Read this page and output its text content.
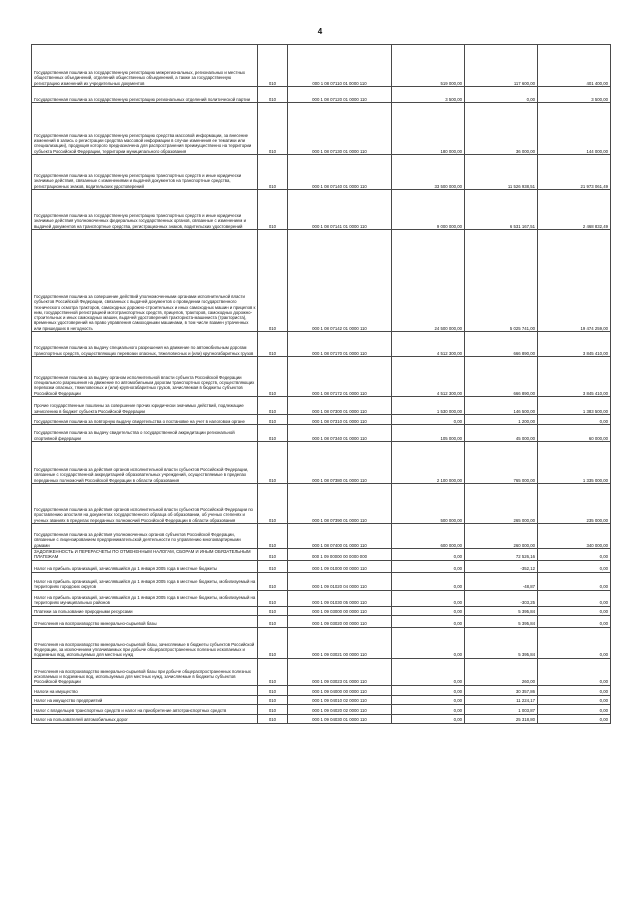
4
Государственная пошлина за государственную регистрацию межрегиональных, региональных и местных общественных объединений, отделений общественных объединений, а также за государственную регистрацию изменений их учредительных документов	010	000 1 08 07110 01 0000 110	519 000,00	117 600,00	401 400,00
Государственная пошлина за государственную регистрацию региональных отделений политической партии	010	000 1 08 07120 01 0000 110	3 500,00	0,00	3 500,00
Государственная пошлина за государственную регистрацию средства массовой информации, за внесение изменений в запись о регистрации средства массовой информации в случае изменения ее тематики или специализации), продукция которого предназначена для распространения преимущественно на территории субъекта Российской Федерации, территории муниципального образования	010	000 1 08 07130 01 0000 110	180 000,00	36 000,00	144 000,00
Государственная пошлина за государственную регистрацию транспортных средств и иные юридически значимые действия, связанные с изменениями и выдачей документов на транспортные средства, регистрационных знаков, водительских удостоверений	010	000 1 08 07140 01 0000 110	33 500 000,00	11 526 938,51	21 973 061,49
Государственная пошлина за государственную регистрацию транспортных средств и иные юридически значимые действия уполномоченных федеральных государственных органов, связанные с изменением и выдачей документов на транспортные средства, регистрационных знаков, водительских удостоверений	010	000 1 08 07141 01 0000 110	9 000 000,00	6 531 167,51	2 468 832,49
Государственная пошлина за совершение действий уполномоченными органами исполнительной власти субъектов Российской Федерации, связанных с выдачей документов о проведении государственного технического осмотра тракторов, самоходных дорожно-строительных и иных самоходных машин и прицепов к ним, государственной регистрацией мототранспортных средств, прицепов, тракторов, самоходных дорожно-строительных и иных самоходных машин, выдачей удостоверений тракториста-машиниста (тракториста), временных удостоверений на право управления самоходными машинами, в том числе взамен утраченных или пришедших в негодность	010	000 1 08 07142 01 0000 110	24 500 000,00	5 025 741,00	19 474 259,00
Государственная пошлина за выдачу специального разрешения на движение по автомобильным дорогам транспортных средств, осуществляющих перевозки опасных, тяжеловесных и (или) крупногабаритных грузов	010	000 1 08 07170 01 0000 110	4 512 300,00	666 890,00	3 845 410,00
Государственная пошлина за выдачу органом исполнительной власти субъекта Российской Федерации специального разрешения на движение по автомобильным дорогам транспортных средств, осуществляющих перевозки опасных, тяжеловесных и (или) крупногабаритных грузов, зачисляемая в бюджеты субъектов Российской Федерации	010	000 1 08 07172 01 0000 110	4 512 300,00	666 890,00	3 845 410,00
Прочие государственные пошлины за совершение прочих юридически значимых действий, подлежащие зачислению в бюджет субъекта Российской Федерации	010	000 1 08 07300 01 0000 110	1 530 000,00	146 500,00	1 383 500,00
Государственная пошлина за повторную выдачу свидетельства о постановке на учет в налоговом органе	010	000 1 08 07310 01 0000 110	0,00	1 200,00	0,00
Государственная пошлина за выдачу свидетельства о государственной аккредитации региональной спортивной федерации	010	000 1 08 07340 01 0000 110	105 000,00	45 000,00	60 000,00
Государственная пошлина за действия органов исполнительной власти субъектов Российской Федерации, связанные с государственной аккредитацией образовательных учреждений, осуществляемые в пределах переданных полномочий Российской Федерации в области образования	010	000 1 08 07380 01 0000 110	2 100 000,00	765 000,00	1 335 000,00
Государственная пошлина за действия органов исполнительной власти субъектов Российской Федерации по проставлению апостиля на документах государственного образца об образовании, об ученых степенях и ученых званиях в пределах переданных полномочий Российской Федерации в области образования	010	000 1 08 07390 01 0000 110	500 000,00	265 000,00	235 000,00
Государственная пошлина за действия уполномоченных органов субъектов Российской Федерации, связанные с лицензированием предпринимательской деятельности по управлению многоквартирными домами	010	000 1 08 07400 01 0000 110	600 000,00	260 000,00	340 000,00
ЗАДОЛЖЕННОСТЬ И ПЕРЕРАСЧЕТЫ ПО ОТМЕНЕННЫМ НАЛОГАМ, СБОРАМ И ИНЫМ ОБЯЗАТЕЛЬНЫМ ПЛАТЕЖАМ	010	000 1 09 00000 00 0000 000	0,00	72 526,16	0,00
Налог на прибыль организаций, зачислявшийся до 1 января 2005 года в местные бюджеты	010	000 1 09 01000 00 0000 110	0,00	-352,12	0,00
Налог на прибыль организаций, зачислявшийся до 1 января 2005 года в местные бюджеты, мобилизуемый на территориях городских округов	010	000 1 09 01020 04 0000 110	0,00	-48,87	0,00
Налог на прибыль организаций, зачислявшийся до 1 января 2005 года в местные бюджеты, мобилизуемый на территориях муниципальных районов	010	000 1 09 01030 05 0000 110	0,00	-303,25	0,00
Платежи за пользование природными ресурсами	010	000 1 09 03000 00 0000 110	0,00	5 395,84	0,00
Отчисления на воспроизводство минерально-сырьевой базы	010	000 1 09 03020 00 0000 110	0,00	5 395,84	0,00
Отчисления на воспроизводство минерально-сырьевой базы, зачисляемые в бюджеты субъектов Российской Федерации, за исключением уплачиваемых при добыче общераспространенных полезных ископаемых и подземных вод, используемых для местных нужд	010	000 1 09 03021 00 0000 110	0,00	5 395,84	0,00
Отчисления на воспроизводство минерально-сырьевой базы при добыче общераспространенных полезных ископаемых и подземных вод, используемых для местных нужд, зачисляемые в бюджеты субъектов Российской Федерации	010	000 1 09 03023 01 0000 110	0,00	260,00	0,00
Налоги на имущество	010	000 1 09 04000 00 0000 110	0,00	30 357,86	0,00
Налог на имущество предприятий	010	000 1 09 04010 02 0000 110	0,00	11 224,17	0,00
Налог с владельцев транспортных средств и налог на приобретение автотранспортных средств	010	000 1 09 04020 02 0000 110	0,00	1 003,87	0,00
Налог на пользователей автомобильных дорог	010	000 1 09 04030 01 0000 110	0,00	25 318,80	0,00
